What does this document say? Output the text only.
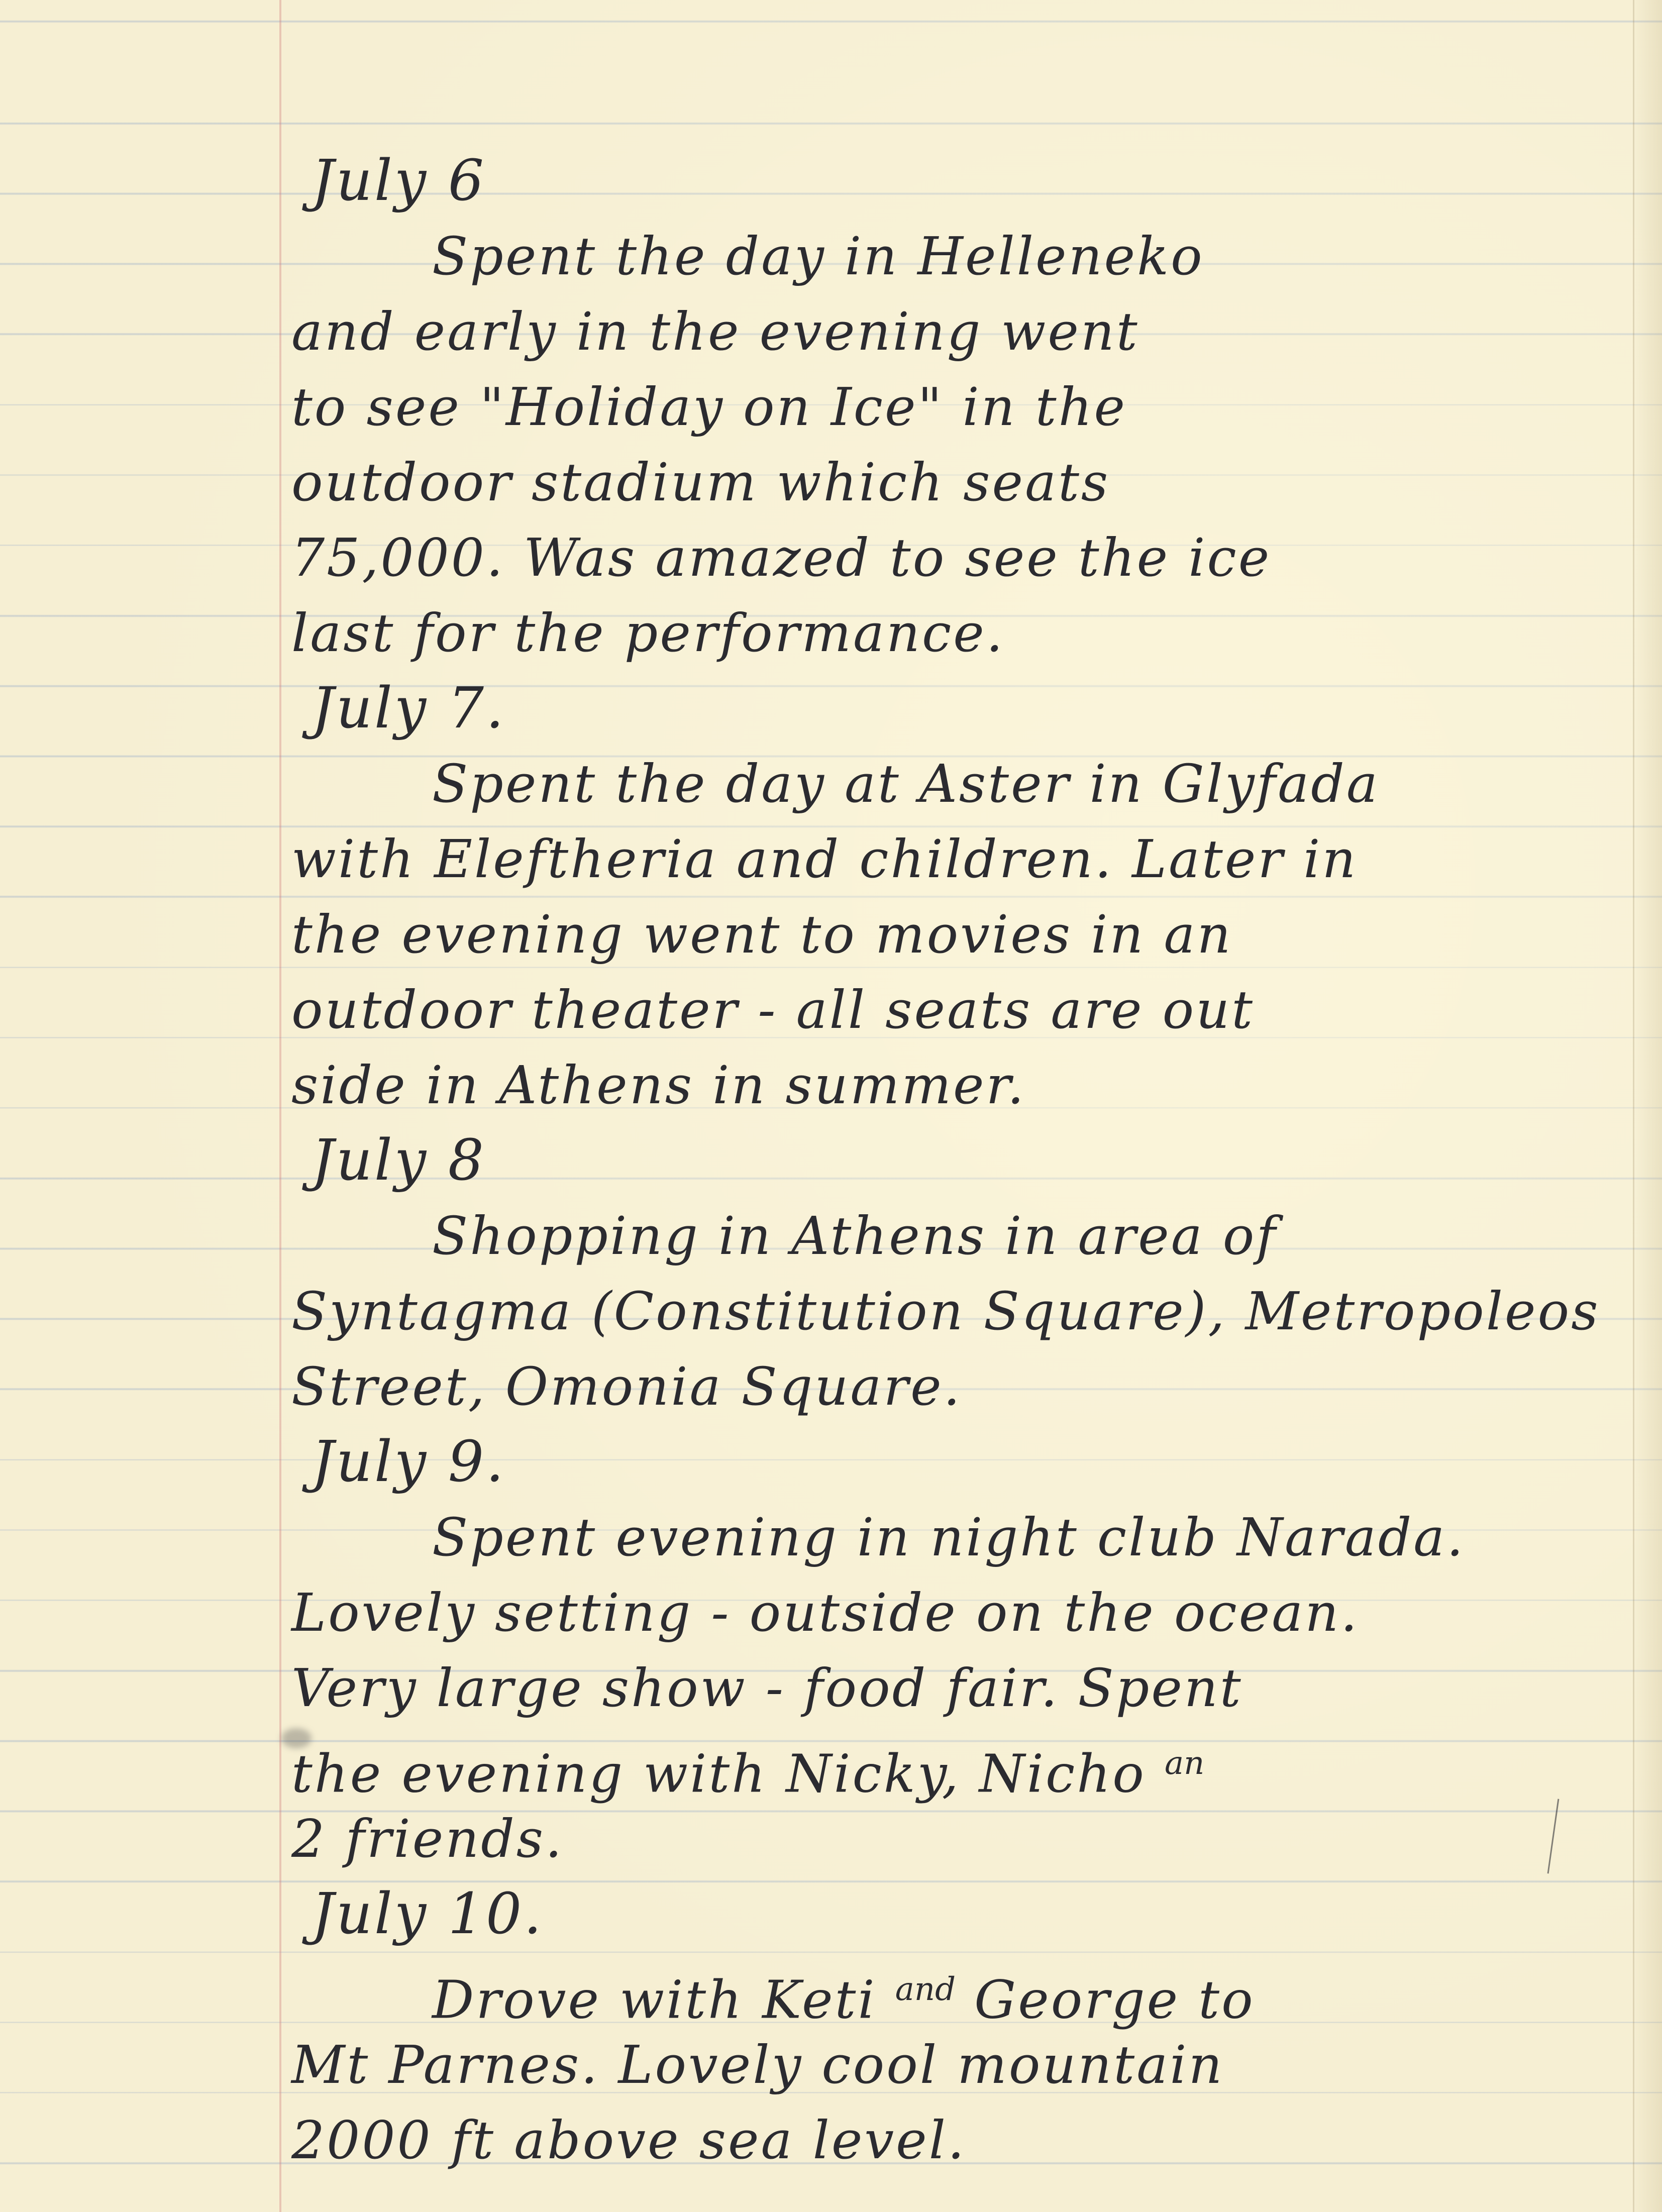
July 6
Spent the day in Helleneko
and early in the evening went
to see "Holiday on Ice" in the
outdoor stadium which seats
75,000. Was amazed to see the ice
last for the performance.
July 7.
Spent the day at Aster in Glyfada
with Eleftheria and children. Later in
the evening went to movies in an
outdoor theater - all seats are out
side in Athens in summer.
July 8
Shopping in Athens in area of
Syntagma (Constitution Square), Metropoleos
Street, Omonia Square.
July 9.
Spent evening in night club Narada.
Lovely setting - outside on the ocean.
Very large show - food fair. Spent
the evening with Nicky, Nicho $^{an}$
2 friends.
July 10.
Drove with Keti $^{and}$ George to
Mt Parnes. Lovely cool mountain
2000 ft above sea level.
